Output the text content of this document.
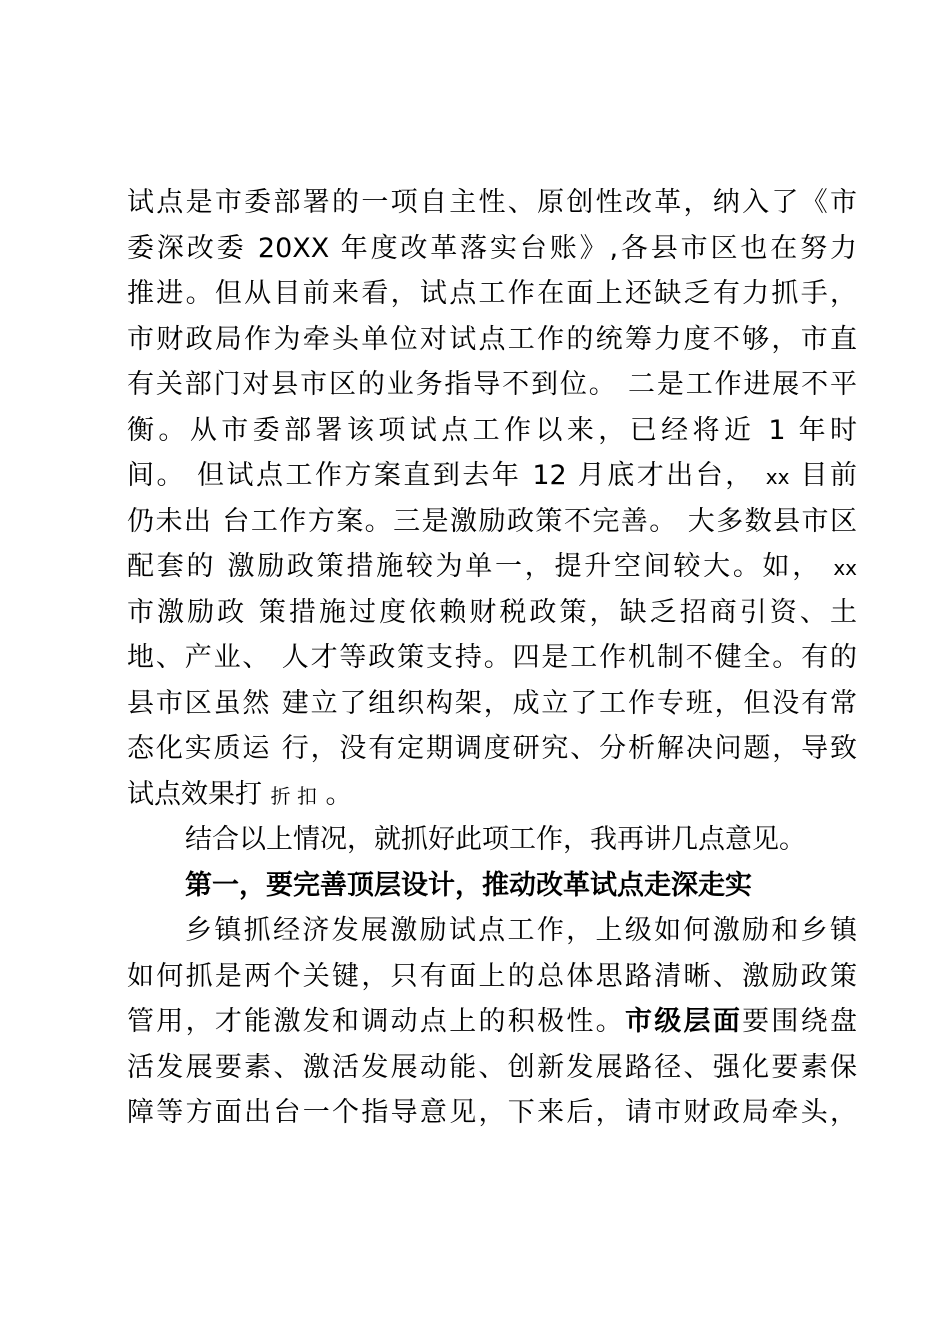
试点是市委部署的一项自主性、原创性改革，纳入了《市
委深改委 20XX 年度改革落实台账》,各县市区也在努力
推进。但从目前来看，试点工作在面上还缺乏有力抓手，
市财政局作为牵头单位对试点工作的统筹力度不够，市直
有关部门对县市区的业务指导不到位。 二是工作进展不平
衡。从市委部署该项试点工作以来，已经将近 1 年时
间。 但试点工作方案直到去年 12 月底才出台， xx 目前
仍未出 台工作方案。三是激励政策不完善。 大多数县市区
配套的 激励政策措施较为单一，提升空间较大。如， xx
市激励政 策措施过度依赖财税政策，缺乏招商引资、土
地、产业、 人才等政策支持。四是工作机制不健全。有的
县市区虽然 建立了组织构架，成立了工作专班，但没有常
态化实质运 行，没有定期调度研究、分析解决问题，导致
试点效果打 折 扣 。
结合以上情况，就抓好此项工作，我再讲几点意见。
第一，要完善顶层设计，推动改革试点走深走实
乡镇抓经济发展激励试点工作，上级如何激励和乡镇
如何抓是两个关键，只有面上的总体思路清晰、激励政策
管用，才能激发和调动点上的积极性。市级层面要围绕盘
活发展要素、激活发展动能、创新发展路径、强化要素保
障等方面出台一个指导意见，下来后，请市财政局牵头，
